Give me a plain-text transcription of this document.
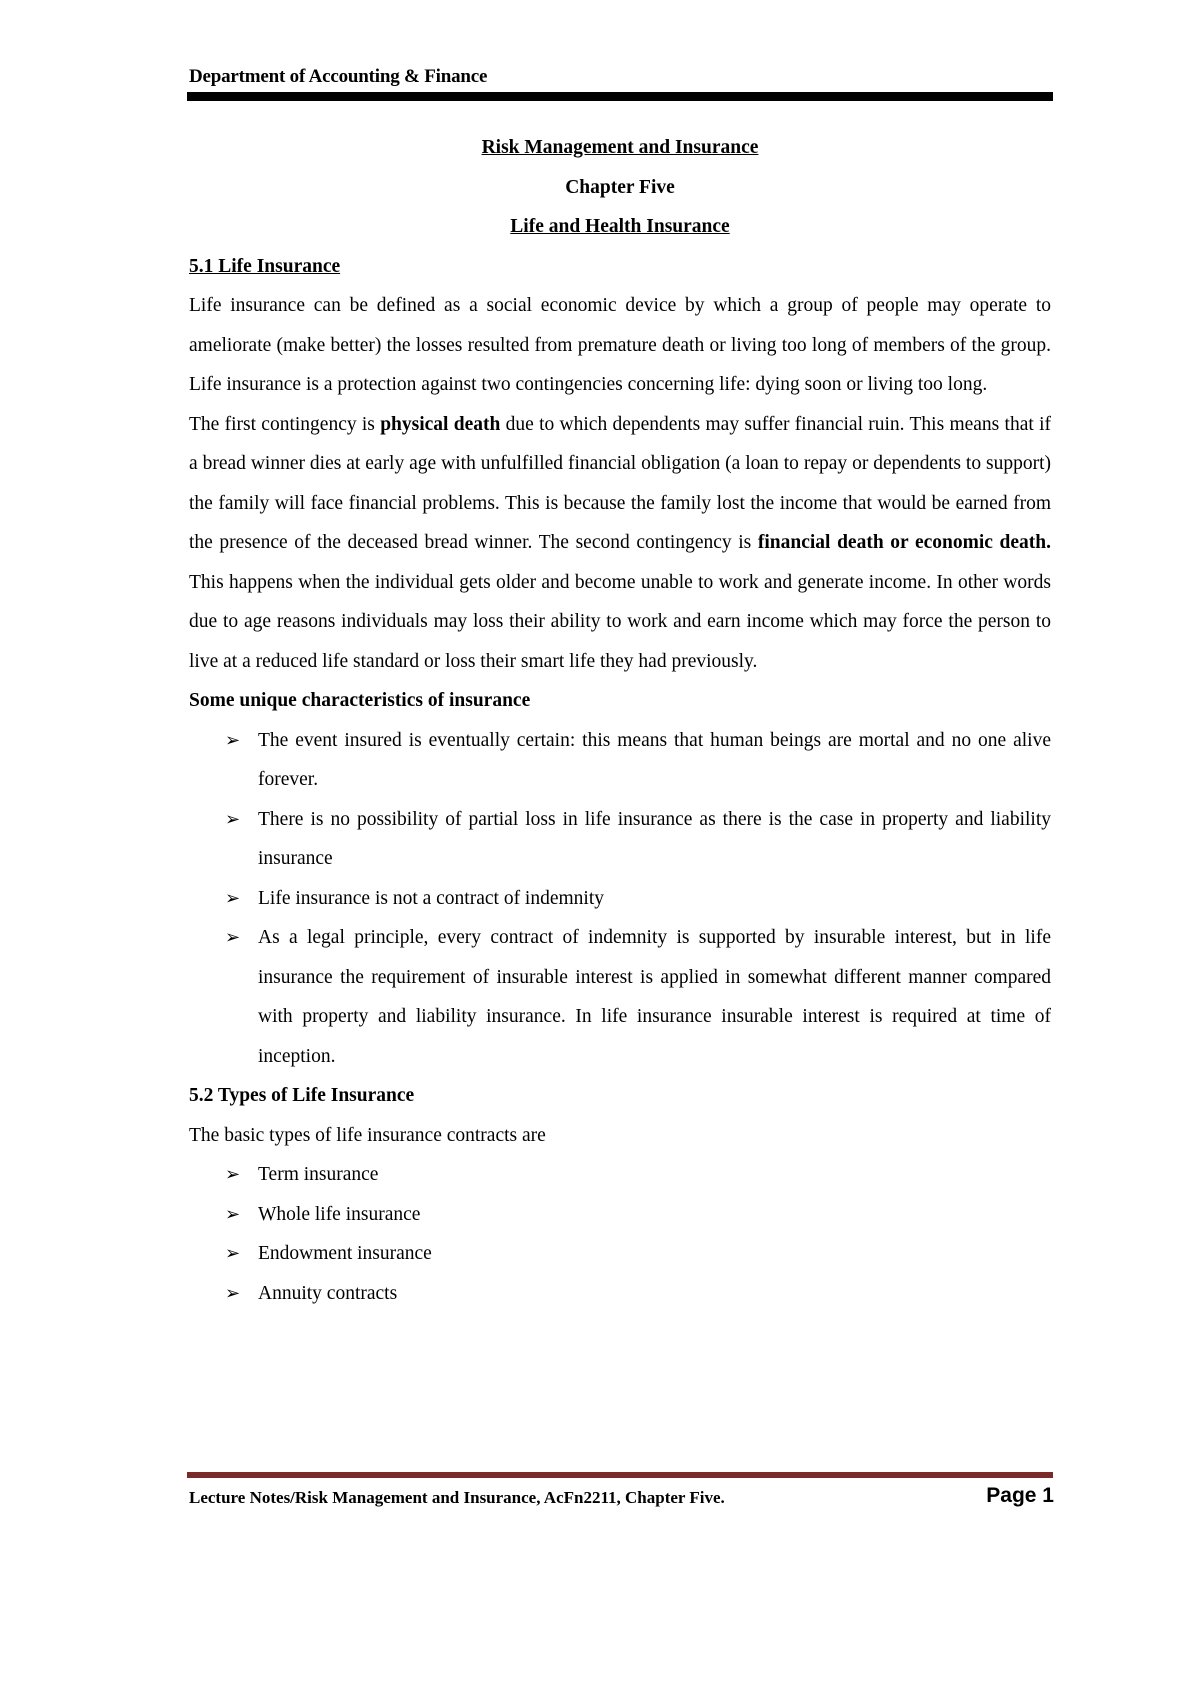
Department of Accounting & Finance

Risk Management and Insurance

Chapter Five

Life and Health Insurance

5.1 Life Insurance

Life insurance can be defined as a social economic device by which a group of people may operate to ameliorate (make better) the losses resulted from premature death or living too long of members of the group. Life insurance is a protection against two contingencies concerning life: dying soon or living too long.

The first contingency is physical death due to which dependents may suffer financial ruin. This means that if a bread winner dies at early age with unfulfilled financial obligation (a loan to repay or dependents to support) the family will face financial problems. This is because the family lost the income that would be earned from the presence of the deceased bread winner. The second contingency is financial death or economic death. This happens when the individual gets older and become unable to work and generate income. In other words due to age reasons individuals may loss their ability to work and earn income which may force the person to live at a reduced life standard or loss their smart life they had previously.

Some unique characteristics of insurance

➢ The event insured is eventually certain: this means that human beings are mortal and no one alive forever.
➢ There is no possibility of partial loss in life insurance as there is the case in property and liability insurance
➢ Life insurance is not a contract of indemnity
➢ As a legal principle, every contract of indemnity is supported by insurable interest, but in life insurance the requirement of insurable interest is applied in somewhat different manner compared with property and liability insurance. In life insurance insurable interest is required at time of inception.

5.2 Types of Life Insurance

The basic types of life insurance contracts are

➢ Term insurance
➢ Whole life insurance
➢ Endowment insurance
➢ Annuity contracts
Lecture Notes/Risk Management and Insurance, AcFn2211, Chapter Five.	Page 1
